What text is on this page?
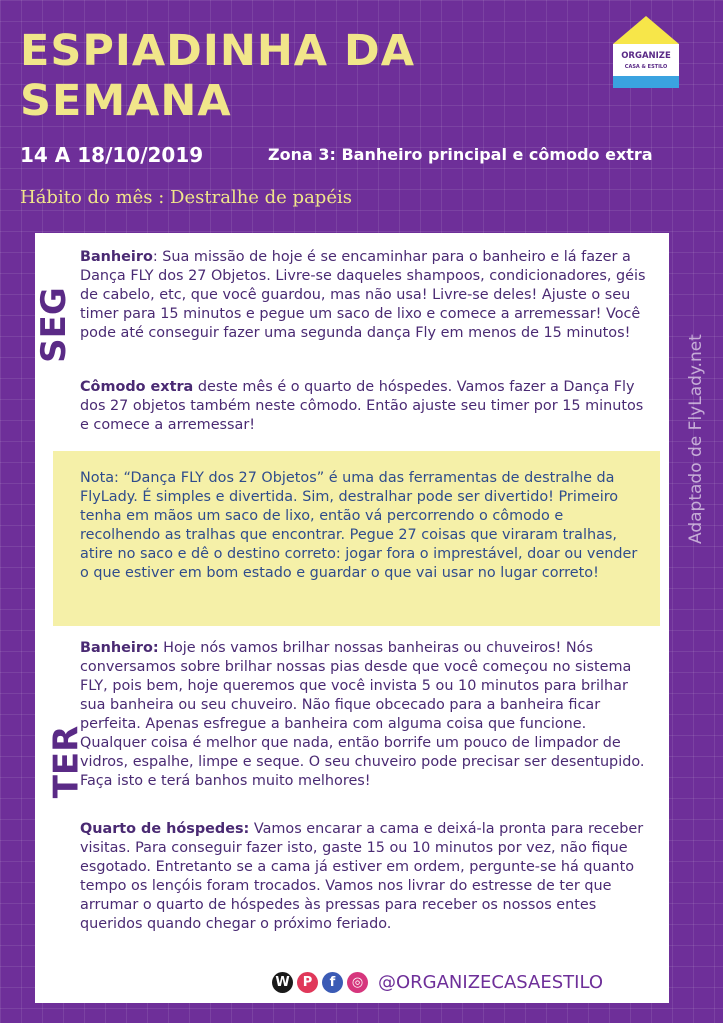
ESPIADINHA DA
SEMANA
ORGANIZE
CASA & ESTILO
14 A 18/10/2019	Zona 3: Banheiro principal e cômodo extra
Hábito do mês : Destralhe de papéis
SEG
Banheiro: Sua missão de hoje é se encaminhar para o banheiro e lá fazer a Dança FLY dos 27 Objetos. Livre-se daqueles shampoos, condicionadores, géis de cabelo, etc, que você guardou, mas não usa! Livre-se deles! Ajuste o seu timer para 15 minutos e pegue um saco de lixo e comece a arremessar! Você pode até conseguir fazer uma segunda dança Fly em menos de 15 minutos!
Cômodo extra deste mês é o quarto de hóspedes. Vamos fazer a Dança Fly dos 27 objetos também neste cômodo. Então ajuste seu timer por 15 minutos e comece a arremessar!
Nota: “Dança FLY dos 27 Objetos” é uma das ferramentas de destralhe da FlyLady. É simples e divertida. Sim, destralhar pode ser divertido! Primeiro tenha em mãos um saco de lixo, então vá percorrendo o cômodo e recolhendo as tralhas que encontrar. Pegue 27 coisas que viraram tralhas, atire no saco e dê o destino correto: jogar fora o imprestável, doar ou vender o que estiver em bom estado e guardar o que vai usar no lugar correto!
TER
Banheiro: Hoje nós vamos brilhar nossas banheiras ou chuveiros! Nós conversamos sobre brilhar nossas pias desde que você começou no sistema FLY, pois bem, hoje queremos que você invista 5 ou 10 minutos para brilhar sua banheira ou seu chuveiro. Não fique obcecado para a banheira ficar perfeita. Apenas esfregue a banheira com alguma coisa que funcione. Qualquer coisa é melhor que nada, então borrife um pouco de limpador de vidros, espalhe, limpe e seque. O seu chuveiro pode precisar ser desentupido. Faça isto e terá banhos muito melhores!
Quarto de hóspedes: Vamos encarar a cama e deixá-la pronta para receber visitas. Para conseguir fazer isto, gaste 15 ou 10 minutos por vez, não fique esgotado. Entretanto se a cama já estiver em ordem, pergunte-se há quanto tempo os lençóis foram trocados. Vamos nos livrar do estresse de ter que arrumar o quarto de hóspedes às pressas para receber os nossos entes queridos quando chegar o próximo feriado.
Adaptado de FlyLady.net
W	P	f	◎ @ORGANIZECASAESTILO
